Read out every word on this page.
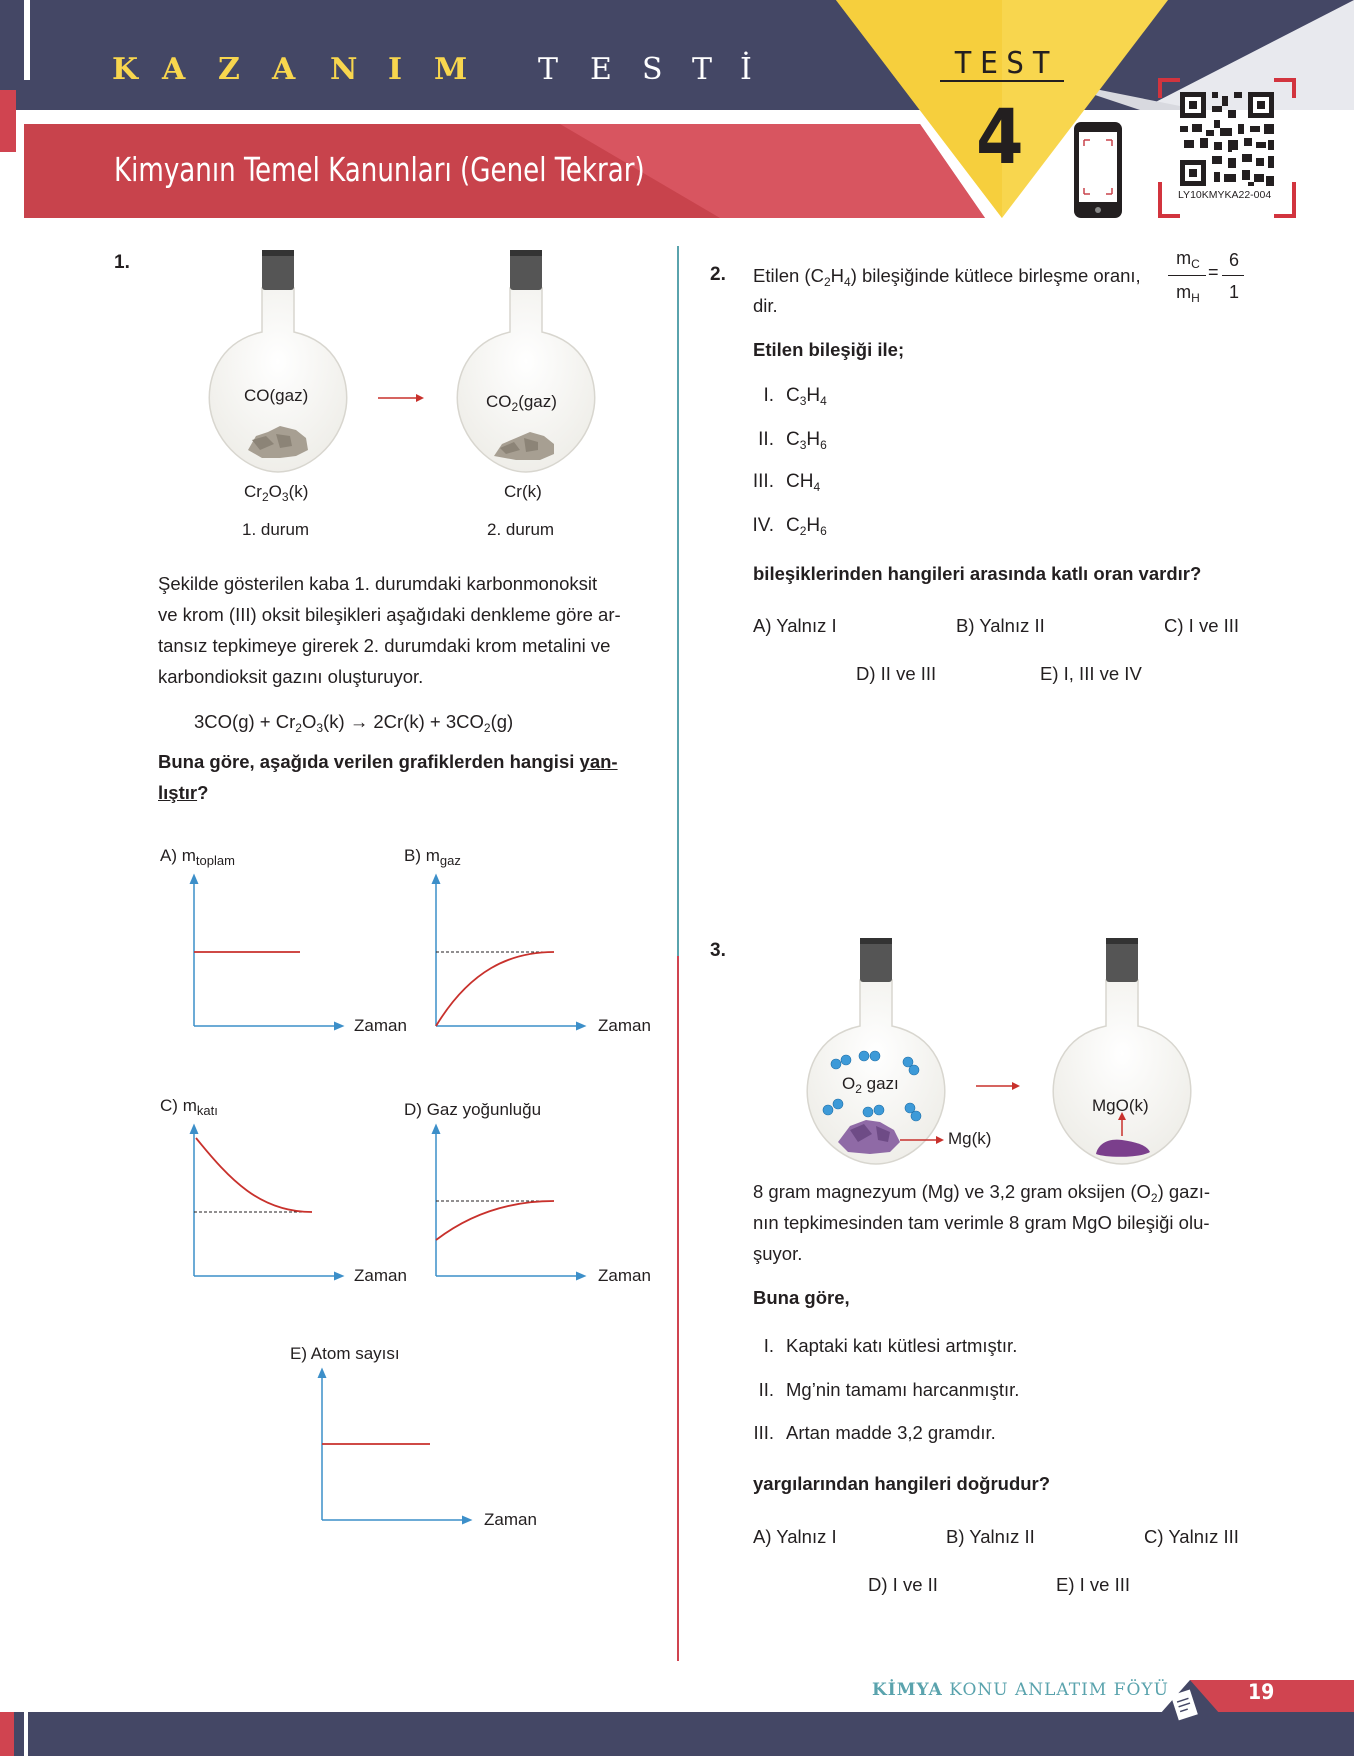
K A Z A N I M T E S T İ
Kimyanın Temel Kanunları (Genel Tekrar)
TEST
4
LY10KMYKA22-004
1.
CO(gaz)	$CO_2(gaz)$
$Cr_2O_3(k)$	Cr(k)
1. durum	2. durum
Şekilde gösterilen kaba 1. durumdaki karbonmonoksit
ve krom (III) oksit bileşikleri aşağıdaki denkleme göre ar-
tansız tepkimeye girerek 2. durumdaki krom metalini ve
karbondioksit gazını oluşturuyor.
$3CO(g) + Cr_2O_3(k) \to 2Cr(k) + 3CO_2(g)$
Buna göre, aşağıda verilen grafiklerden hangisi yan-
lıştır?
A) $m_{toplam}$
Zaman
B) $m_{gaz}$
Zaman
C) $m_{katı}$
Zaman
D) Gaz yoğunluğu
Zaman
E) Atom sayısı
Zaman
2. Etilen $(C_2H_4)$ bileşiğinde kütlece birleşme oranı,
$m_C$
$m_H$
=
6
1
dir.
Etilen bileşiği ile;
I. $C_3H_4$
II. $C_3H_6$
III. $CH_4$
IV. $C_2H_6$
bileşiklerinden hangileri arasında katlı oran vardır?
A) Yalnız I	B) Yalnız II	C) I ve III
D) II ve III	E) I, III ve IV
3.
$O_2$ gazı
Mg(k)
MgO(k)
8 gram magnezyum (Mg) ve 3,2 gram oksijen $(O_2)$ gazı-
nın tepkimesinden tam verimle 8 gram MgO bileşiği olu-
şuyor.
Buna göre,
I. Kaptaki katı kütlesi artmıştır.
II. Mg’nin tamamı harcanmıştır.
III. Artan madde 3,2 gramdır.
yargılarından hangileri doğrudur?
A) Yalnız I	B) Yalnız II	C) Yalnız III
D) I ve II	E) I ve III
KİMYA KONU ANLATIM FÖYÜ	19
